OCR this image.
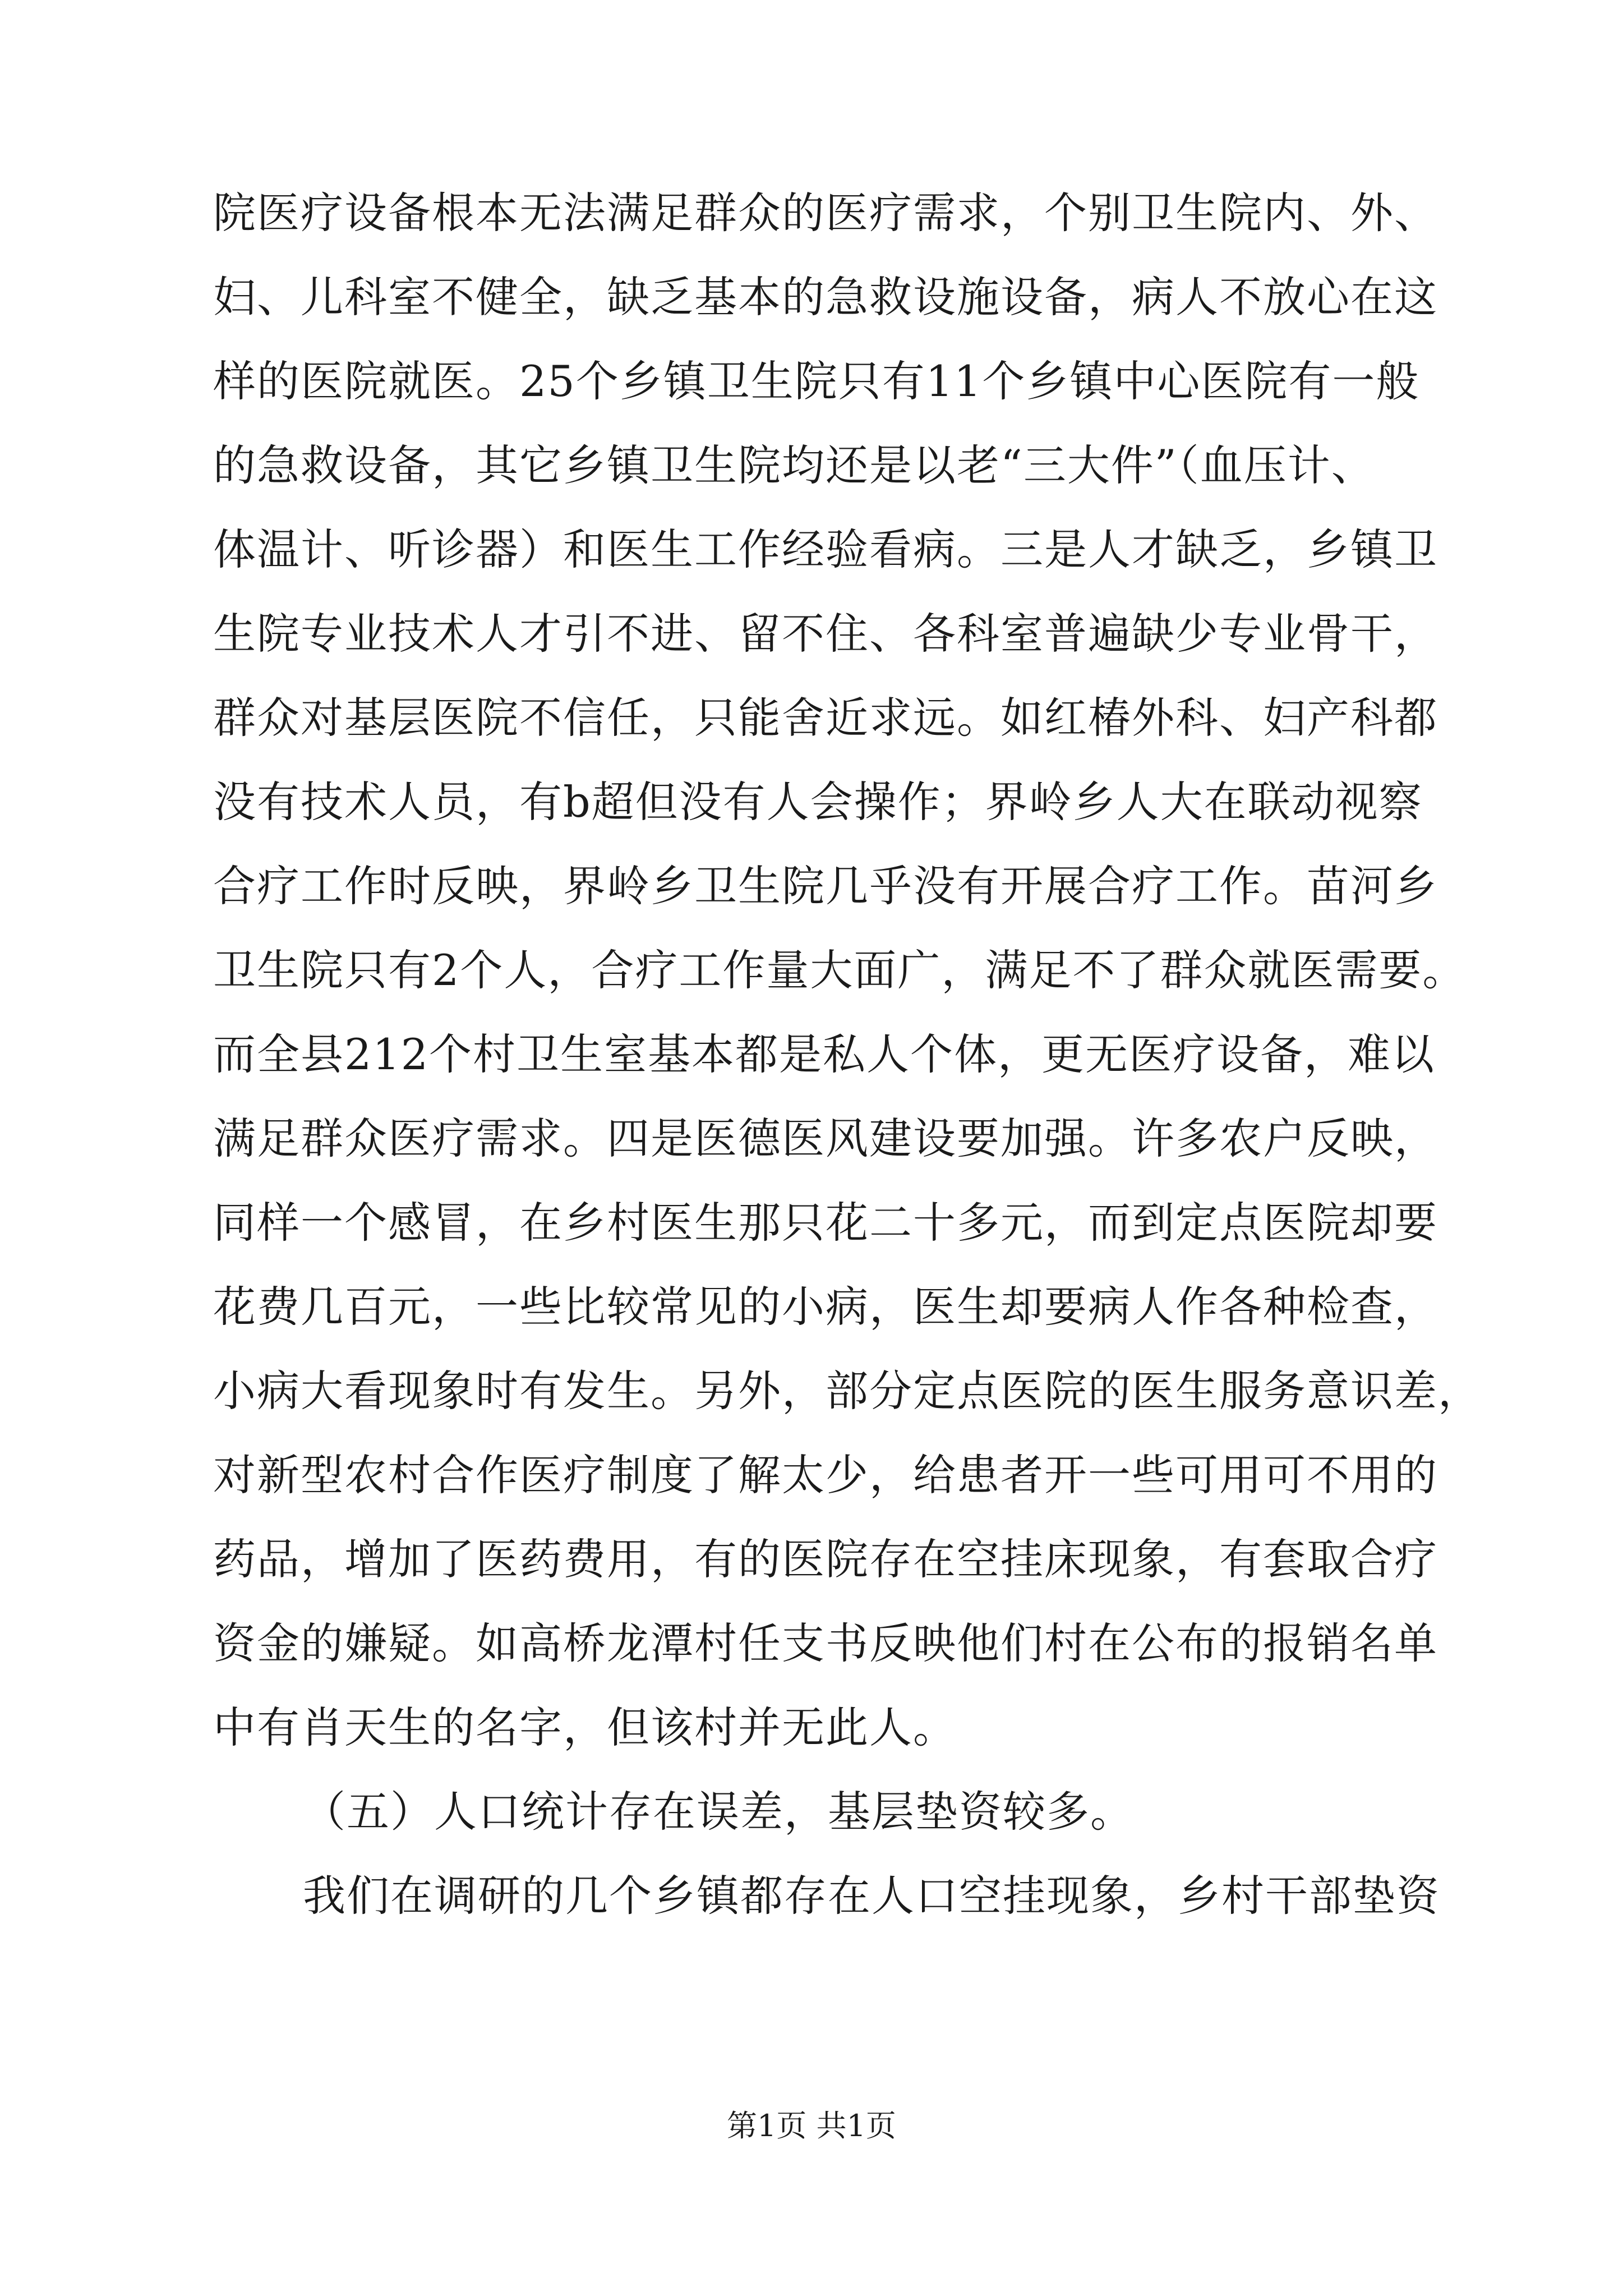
院医疗设备根本无法满足群众的医疗需求，个别卫生院内、外、
妇、儿科室不健全，缺乏基本的急救设施设备，病人不放心在这
样的医院就医。25个乡镇卫生院只有11个乡镇中心医院有一般
的急救设备，其它乡镇卫生院均还是以老“三大件”（血压计、
体温计、听诊器）和医生工作经验看病。三是人才缺乏，乡镇卫
生院专业技术人才引不进、留不住、各科室普遍缺少专业骨干，
群众对基层医院不信任，只能舍近求远。如红椿外科、妇产科都
没有技术人员，有b超但没有人会操作；界岭乡人大在联动视察
合疗工作时反映，界岭乡卫生院几乎没有开展合疗工作。苗河乡
卫生院只有2个人，合疗工作量大面广，满足不了群众就医需要。
而全县212个村卫生室基本都是私人个体，更无医疗设备，难以
满足群众医疗需求。四是医德医风建设要加强。许多农户反映，
同样一个感冒，在乡村医生那只花二十多元，而到定点医院却要
花费几百元，一些比较常见的小病，医生却要病人作各种检查，
小病大看现象时有发生。另外，部分定点医院的医生服务意识差，
对新型农村合作医疗制度了解太少，给患者开一些可用可不用的
药品，增加了医药费用，有的医院存在空挂床现象，有套取合疗
资金的嫌疑。如高桥龙潭村任支书反映他们村在公布的报销名单
中有肖天生的名字，但该村并无此人。
（五）人口统计存在误差，基层垫资较多。
我们在调研的几个乡镇都存在人口空挂现象，乡村干部垫资
第1页 共1页
